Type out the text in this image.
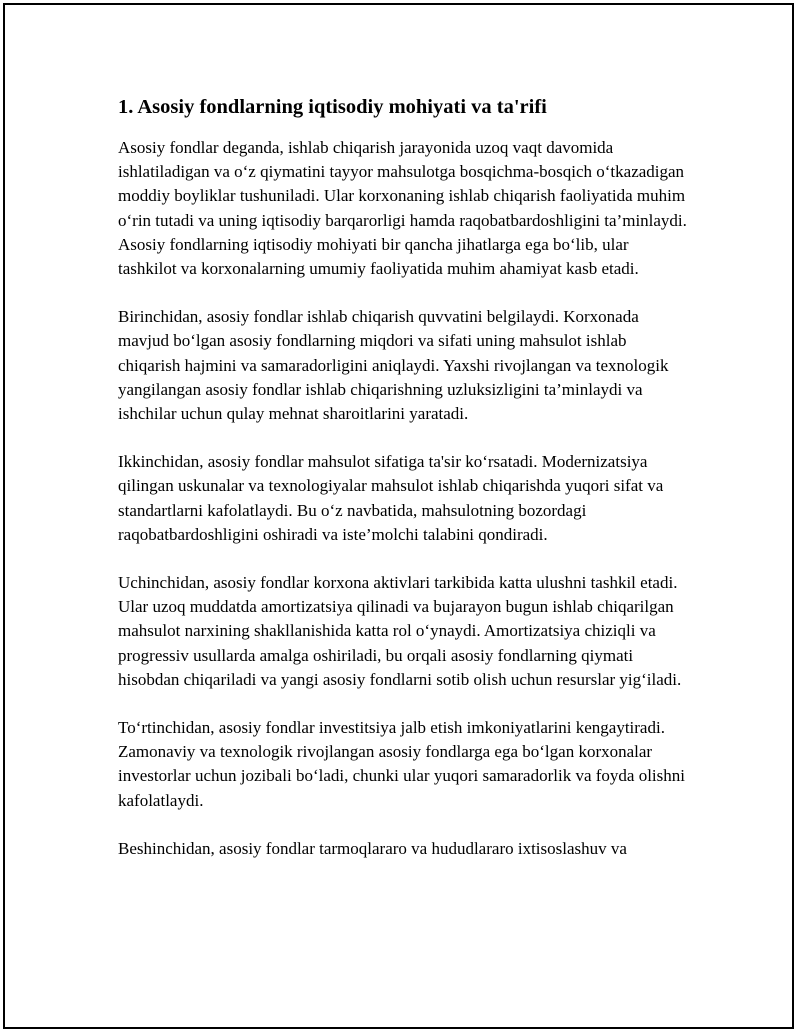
1. Asosiy fondlarning iqtisodiy mohiyati va ta'rifi

Asosiy fondlar deganda, ishlab chiqarish jarayonida uzoq vaqt davomida ishlatiladigan va o‘z qiymatini tayyor mahsulotga bosqichma-bosqich o‘tkazadigan moddiy boyliklar tushuniladi. Ular korxonaning ishlab chiqarish faoliyatida muhim o‘rin tutadi va uning iqtisodiy barqarorligi hamda raqobatbardoshligini ta’minlaydi. Asosiy fondlarning iqtisodiy mohiyati bir qancha jihatlarga ega bo‘lib, ular tashkilot va korxonalarning umumiy faoliyatida muhim ahamiyat kasb etadi.

Birinchidan, asosiy fondlar ishlab chiqarish quvvatini belgilaydi. Korxonada mavjud bo‘lgan asosiy fondlarning miqdori va sifati uning mahsulot ishlab chiqarish hajmini va samaradorligini aniqlaydi. Yaxshi rivojlangan va texnologik yangilangan asosiy fondlar ishlab chiqarishning uzluksizligini ta’minlaydi va ishchilar uchun qulay mehnat sharoitlarini yaratadi.

Ikkinchidan, asosiy fondlar mahsulot sifatiga ta'sir ko‘rsatadi. Modernizatsiya qilingan uskunalar va texnologiyalar mahsulot ishlab chiqarishda yuqori sifat va standartlarni kafolatlaydi. Bu o‘z navbatida, mahsulotning bozordagi raqobatbardoshligini oshiradi va iste’molchi talabini qondiradi.

Uchinchidan, asosiy fondlar korxona aktivlari tarkibida katta ulushni tashkil etadi. Ular uzoq muddatda amortizatsiya qilinadi va bujarayon bugun ishlab chiqarilgan mahsulot narxining shakllanishida katta rol o‘ynaydi. Amortizatsiya chiziqli va progressiv usullarda amalga oshiriladi, bu orqali asosiy fondlarning qiymati hisobdan chiqariladi va yangi asosiy fondlarni sotib olish uchun resurslar yig‘iladi.

To‘rtinchidan, asosiy fondlar investitsiya jalb etish imkoniyatlarini kengaytiradi. Zamonaviy va texnologik rivojlangan asosiy fondlarga ega bo‘lgan korxonalar investorlar uchun jozibali bo‘ladi, chunki ular yuqori samaradorlik va foyda olishni kafolatlaydi.

Beshinchidan, asosiy fondlar tarmoqlararo va hududlararo ixtisoslashuv va
